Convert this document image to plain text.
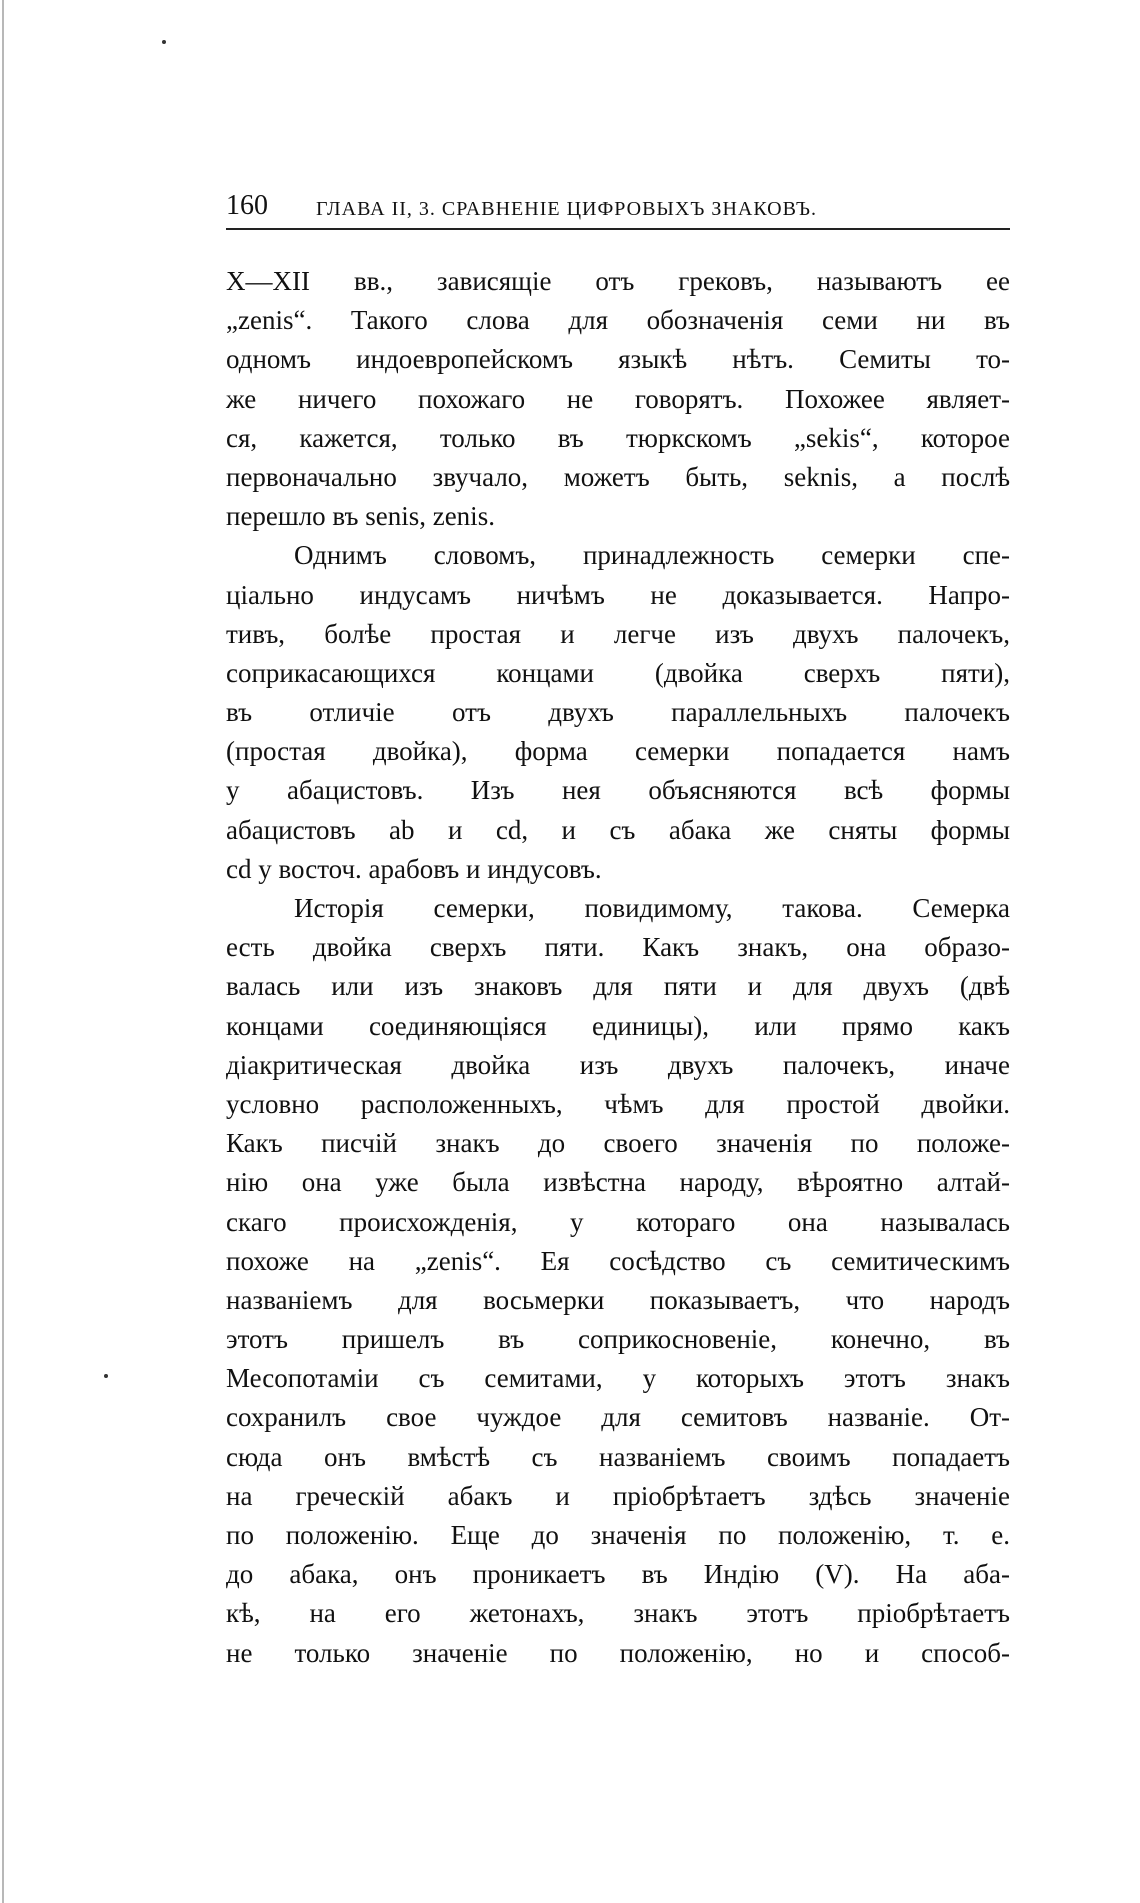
160 ГЛАВА II, 3. СРАВНЕНІЕ ЦИФРОВЫХЪ ЗНАКОВЪ.
X—XII вв., зависящіе отъ грековъ, называютъ ее
„zenis“. Такого слова для обозначенія семи ни въ
одномъ индоевропейскомъ языкѣ нѣтъ. Семиты то-
же ничего похожаго не говорятъ. Похожее являет-
ся, кажется, только въ тюркскомъ „sekis“, которое
первоначально звучало, можетъ быть, seknis, а послѣ
перешло въ senis, zenis.
Однимъ словомъ, принадлежность семерки спе-
ціально индусамъ ничѣмъ не доказывается. Напро-
тивъ, болѣе простая и легче изъ двухъ палочекъ,
соприкасающихся концами (двойка сверхъ пяти),
въ отличіе отъ двухъ параллельныхъ палочекъ
(простая двойка), форма семерки попадается намъ
у абацистовъ. Изъ нея объясняются всѣ формы
абацистовъ ab и cd, и съ абака же сняты формы
cd у восточ. арабовъ и индусовъ.
Исторія семерки, повидимому, такова. Семерка
есть двойка сверхъ пяти. Какъ знакъ, она образо-
валась или изъ знаковъ для пяти и для двухъ (двѣ
концами соединяющіяся единицы), или прямо какъ
діакритическая двойка изъ двухъ палочекъ, иначе
условно расположенныхъ, чѣмъ для простой двойки.
Какъ писчій знакъ до своего значенія по положе-
нію она уже была извѣстна народу, вѣроятно алтай-
скаго происхожденія, у котораго она называлась
похоже на „zenis“. Ея сосѣдство съ семитическимъ
названіемъ для восьмерки показываетъ, что народъ
этотъ пришелъ въ соприкосновеніе, конечно, въ
Месопотаміи съ семитами, у которыхъ этотъ знакъ
сохранилъ свое чуждое для семитовъ названіе. От-
сюда онъ вмѣстѣ съ названіемъ своимъ попадаетъ
на греческій абакъ и пріобрѣтаетъ здѣсь значеніе
по положенію. Еще до значенія по положенію, т. е.
до абака, онъ проникаетъ въ Индію (V). На аба-
кѣ, на его жетонахъ, знакъ этотъ пріобрѣтаетъ
не только значеніе по положенію, но и способ-
